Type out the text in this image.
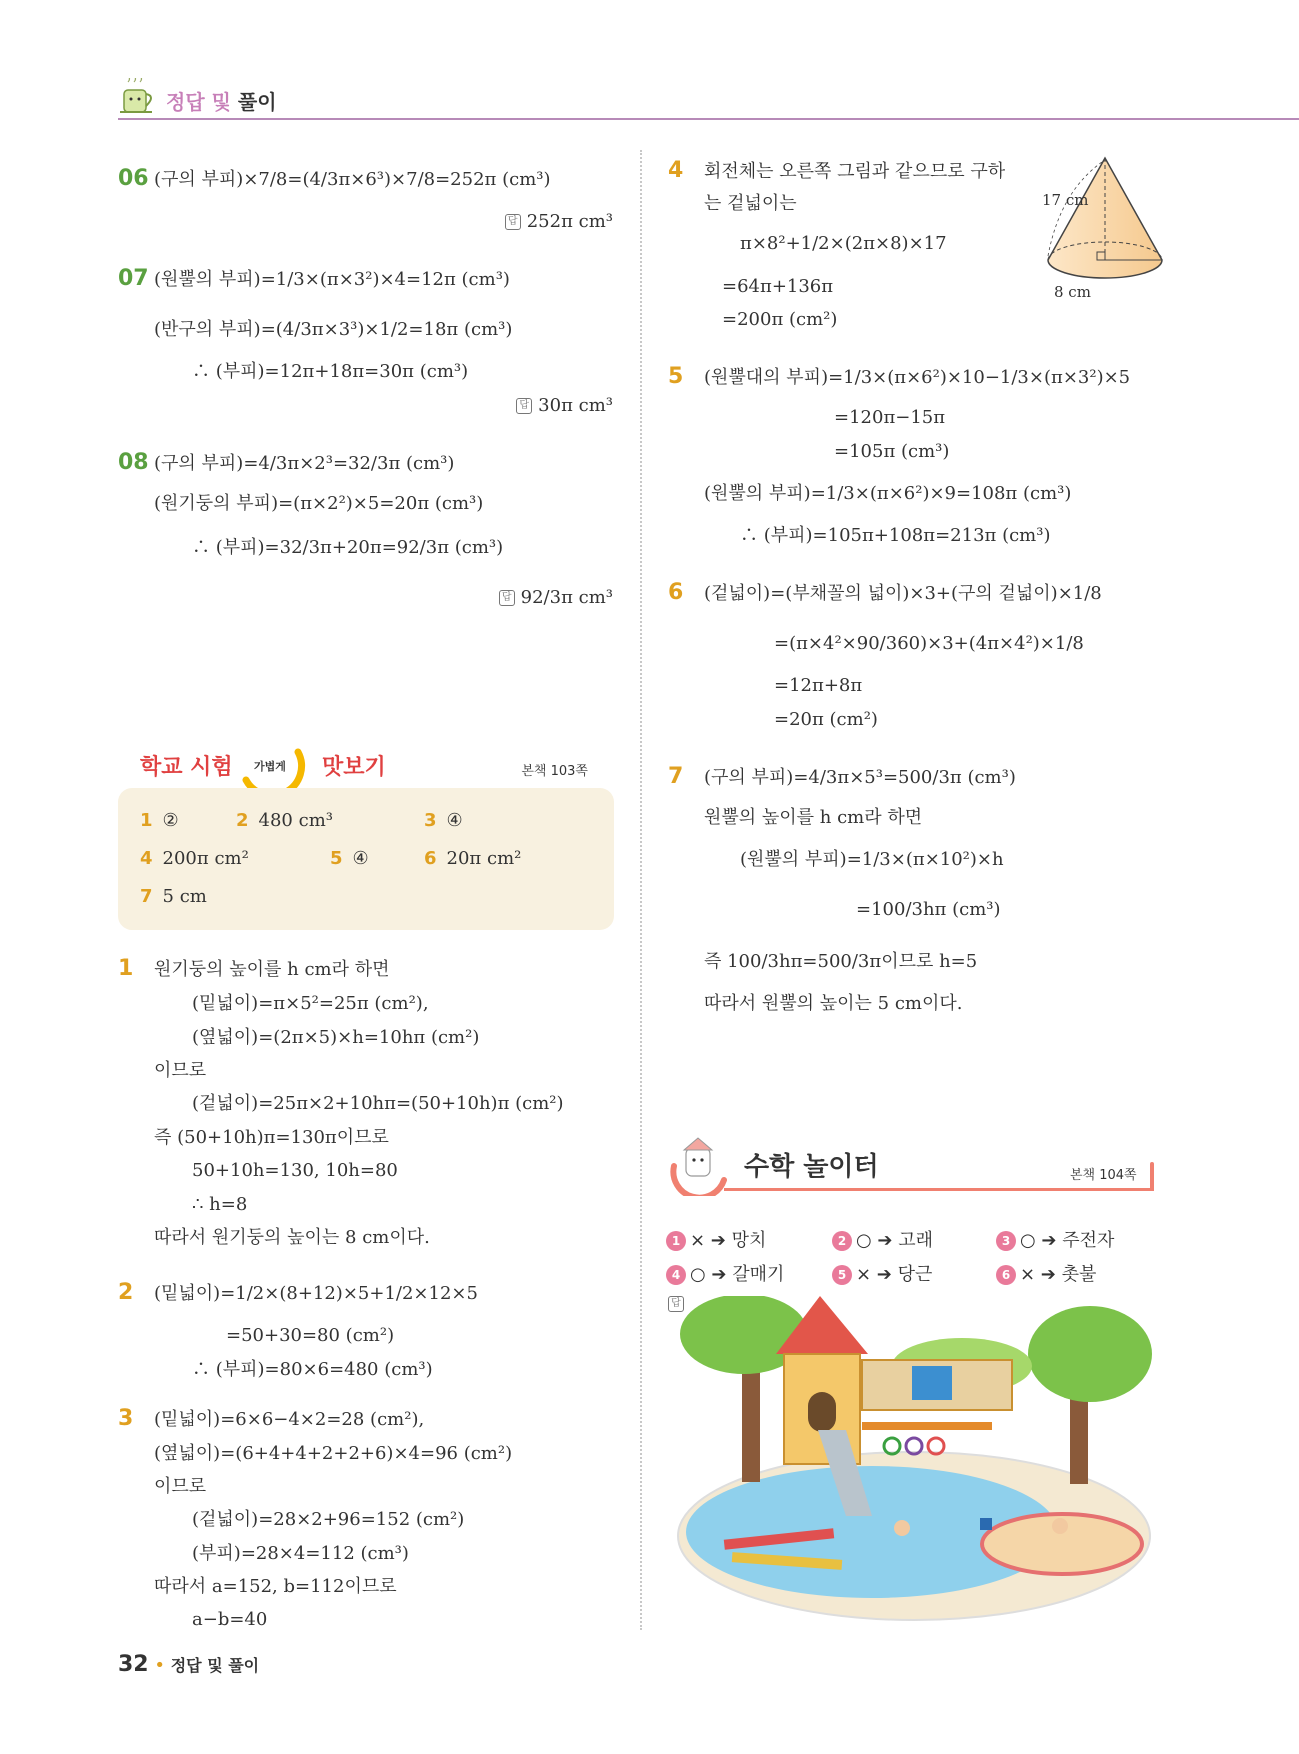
정답 및 풀이
06 (구의 부피)×7/8=(4/3π×6³)×7/8=252π (cm³)
답 252π cm³
07 (원뿔의 부피)=1/3×(π×3²)×4=12π (cm³)
(반구의 부피)=(4/3π×3³)×1/2=18π (cm³)
∴ (부피)=12π+18π=30π (cm³)
답 30π cm³
08 (구의 부피)=4/3π×2³=32/3π (cm³)
(원기둥의 부피)=(π×2²)×5=20π (cm³)
∴ (부피)=32/3π+20π=92/3π (cm³)
답 92/3π cm³
학교 시험 가볍게 맛보기	본책 103쪽
1 ②	2 480 cm³	3 ④
4 200π cm²	5 ④	6 20π cm²
7 5 cm
1 원기둥의 높이를 h cm라 하면
(밑넓이)=π×5²=25π (cm²),
(옆넓이)=(2π×5)×h=10hπ (cm²)
이므로
(겉넓이)=25π×2+10hπ=(50+10h)π (cm²)
즉 (50+10h)π=130π이므로
50+10h=130, 10h=80
∴ h=8
따라서 원기둥의 높이는 8 cm이다.
2 (밑넓이)=1/2×(8+12)×5+1/2×12×5
=50+30=80 (cm²)
∴ (부피)=80×6=480 (cm³)
3 (밑넓이)=6×6−4×2=28 (cm²),
(옆넓이)=(6+4+4+2+2+6)×4=96 (cm²)
이므로
(겉넓이)=28×2+96=152 (cm²)
(부피)=28×4=112 (cm³)
따라서 a=152, b=112이므로
a−b=40
32 • 정답 및 풀이
4 회전체는 오른쪽 그림과 같으므로 구하
는 겉넓이는
π×8²+1/2×(2π×8)×17
=64π+136π
=200π (cm²)
17 cm
8 cm
5 (원뿔대의 부피)=1/3×(π×6²)×10−1/3×(π×3²)×5
=120π−15π
=105π (cm³)
(원뿔의 부피)=1/3×(π×6²)×9=108π (cm³)
∴ (부피)=105π+108π=213π (cm³)
6 (겉넓이)=(부채꼴의 넓이)×3+(구의 겉넓이)×1/8
=(π×4²×90/360)×3+(4π×4²)×1/8
=12π+8π
=20π (cm²)
7 (구의 부피)=4/3π×5³=500/3π (cm³)
원뿔의 높이를 h cm라 하면
(원뿔의 부피)=1/3×(π×10²)×h
=100/3hπ (cm³)
즉 100/3hπ=500/3π이므로 h=5
따라서 원뿔의 높이는 5 cm이다.
수학 놀이터	본책 104쪽
1 × ➔ 망치	2 ○ ➔ 고래	3 ○ ➔ 주전자
4 ○ ➔ 갈매기	5 × ➔ 당근	6 × ➔ 촛불
답
